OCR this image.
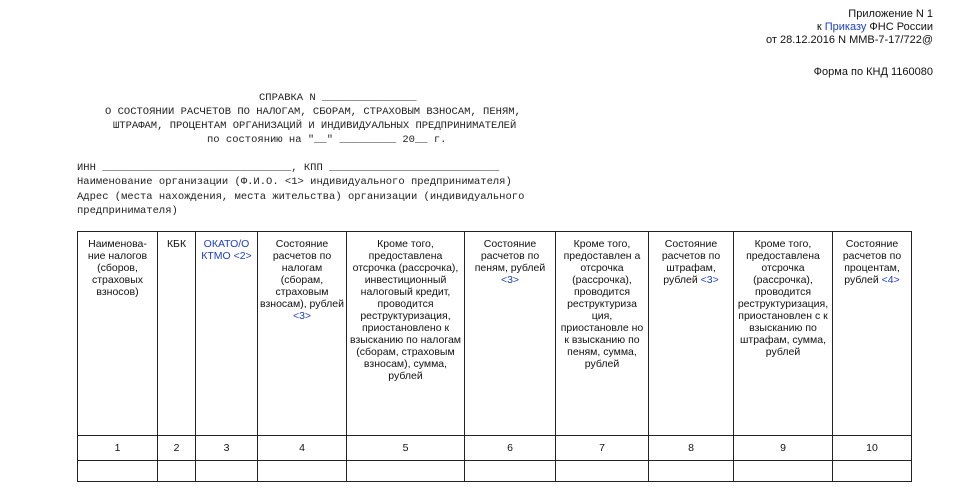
Приложение N 1
к Приказу ФНС России
от 28.12.2016 N ММВ-7-17/722@
Форма по КНД 1160080
СПРАВКА N _______________
О СОСТОЯНИИ РАСЧЕТОВ ПО НАЛОГАМ, СБОРАМ, СТРАХОВЫМ ВЗНОСАМ, ПЕНЯМ,
ШТРАФАМ, ПРОЦЕНТАМ ОРГАНИЗАЦИЙ И ИНДИВИДУАЛЬНЫХ ПРЕДПРИНИМАТЕЛЕЙ
по состоянию на "__" _________ 20__ г.
ИНН ______________________________, КПП ___________________________
Наименование организации (Ф.И.О. <1> индивидуального предпринимателя)
Адрес (места нахождения, места жительства) организации (индивидуального
предпринимателя)
Наименова-ние налогов (сборов, страховых взносов)	КБК	ОКАТО/О КТМО <2>	Состояние расчетов по налогам (сборам, страховым взносам), рублей <3>	Кроме того, предоставлена отсрочка (рассрочка), инвестиционный налоговый кредит, проводится реструктуризация, приостановлено к взысканию по налогам (сборам, страховым взносам), сумма, рублей	Состояние расчетов по пеням, рублей <3>	Кроме того, предоставлен а отсрочка (рассрочка), проводится реструктуриза ция, приостановле но к взысканию по пеням, сумма, рублей	Состояние расчетов по штрафам, рублей <3>	Кроме того, предоставлена отсрочка (рассрочка), проводится реструктуризация, приостановлен с к взысканию по штрафам, сумма, рублей	Состояние расчетов по процентам, рублей <4>
1	2	3	4	5	6	7	8	9	10
